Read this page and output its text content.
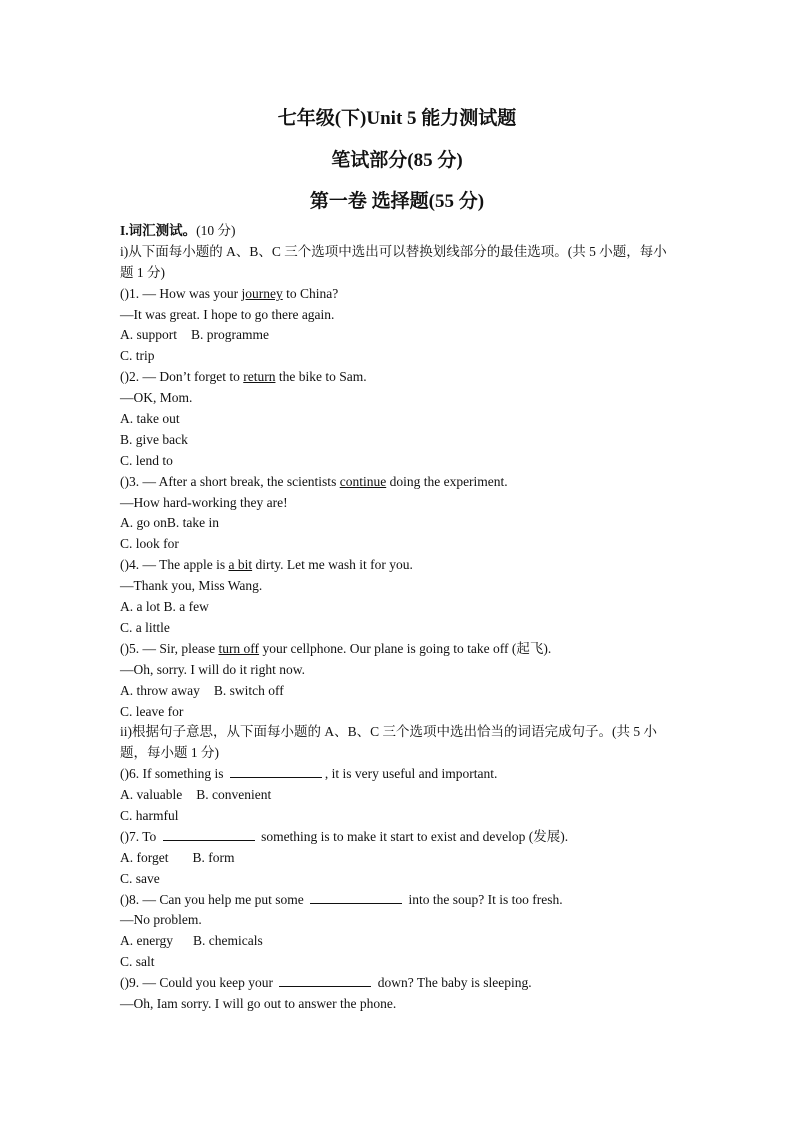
七年级(下)Unit 5 能力测试题
笔试部分(85 分)
第一卷 选择题(55 分)
I.词汇测试。(10 分)
i)从下面每小题的 A、B、C 三个选项中选出可以替换划线部分的最佳选项。(共 5 小题，每小题 1 分)
()1. — How was your journey to China?
—It was great. I hope to go there again.
A. support B. programme
C. trip
()2. — Don’t forget to return the bike to Sam.
—OK, Mom.
A. take out
B. give back
C. lend to
()3. — After a short break, the scientists continue doing the experiment.
—How hard-working they are!
A. go onB. take in
C. look for
()4. — The apple is a bit dirty. Let me wash it for you.
—Thank you, Miss Wang.
A. a lot B. a few
C. a little
()5. — Sir, please turn off your cellphone. Our plane is going to take off (起飞).
—Oh, sorry. I will do it right now.
A. throw away B. switch off
C. leave for
ii)根据句子意思，从下面每小题的 A、B、C 三个选项中选出恰当的词语完成句子。(共 5 小题，每小题 1 分)
()6. If something is	, it is very useful and important.
A. valuable B. convenient
C. harmful
()7. To	something is to make it start to exist and develop (发展).
A. forget B. form
C. save
()8. — Can you help me put some	into the soup? It is too fresh.
—No problem.
A. energy B. chemicals
C. salt
()9. — Could you keep your	down? The baby is sleeping.
—Oh, Iam sorry. I will go out to answer the phone.
